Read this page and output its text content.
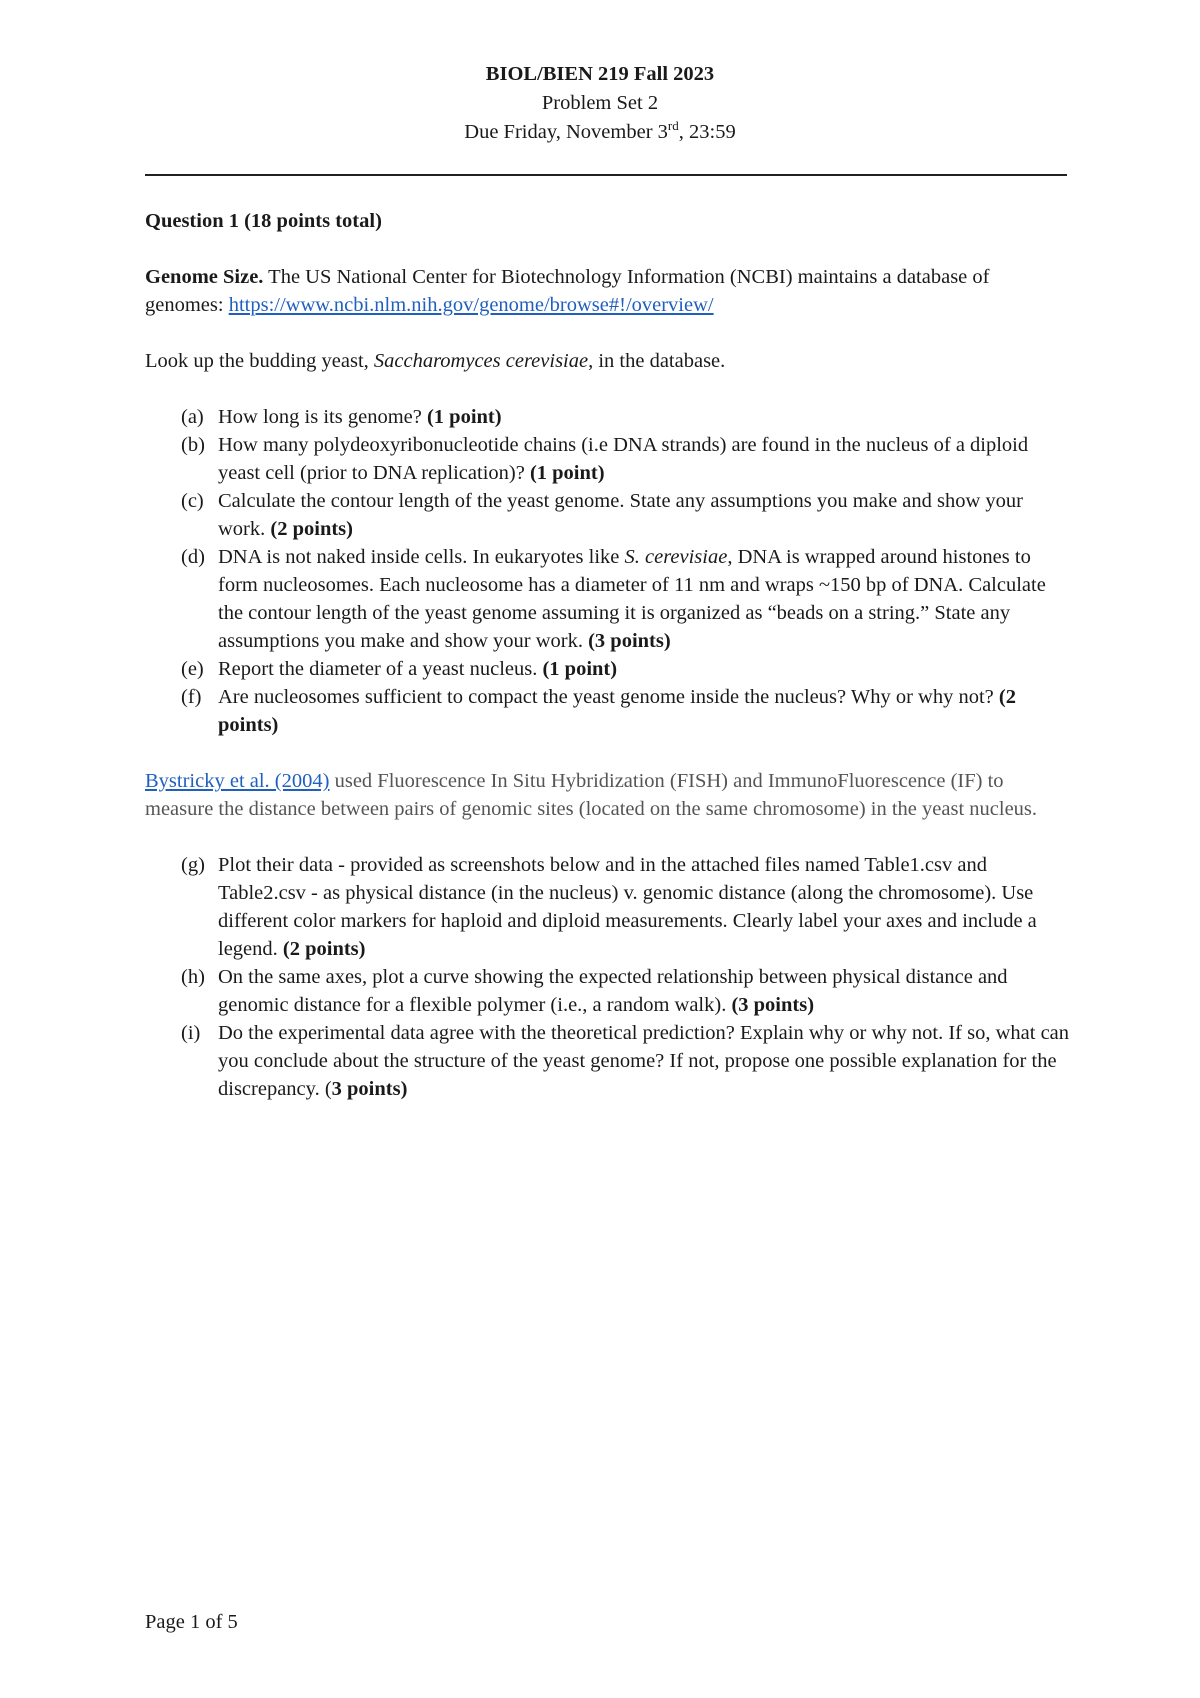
BIOL/BIEN 219 Fall 2023
Problem Set 2
Due Friday, November 3rd, 23:59

Question 1 (18 points total)

Genome Size. The US National Center for Biotechnology Information (NCBI) maintains a database of genomes: https://www.ncbi.nlm.nih.gov/genome/browse#!/overview/

Look up the budding yeast, Saccharomyces cerevisiae, in the database.

(a) How long is its genome? (1 point)
(b) How many polydeoxyribonucleotide chains (i.e DNA strands) are found in the nucleus of a diploid yeast cell (prior to DNA replication)? (1 point)
(c) Calculate the contour length of the yeast genome. State any assumptions you make and show your work. (2 points)
(d) DNA is not naked inside cells. In eukaryotes like S. cerevisiae, DNA is wrapped around histones to form nucleosomes. Each nucleosome has a diameter of 11 nm and wraps ~150 bp of DNA. Calculate the contour length of the yeast genome assuming it is organized as “beads on a string.” State any assumptions you make and show your work. (3 points)
(e) Report the diameter of a yeast nucleus. (1 point)
(f) Are nucleosomes sufficient to compact the yeast genome inside the nucleus? Why or why not? (2 points)

Bystricky et al. (2004) used Fluorescence In Situ Hybridization (FISH) and ImmunoFluorescence (IF) to measure the distance between pairs of genomic sites (located on the same chromosome) in the yeast nucleus.

(g) Plot their data - provided as screenshots below and in the attached files named Table1.csv and Table2.csv - as physical distance (in the nucleus) v. genomic distance (along the chromosome). Use different color markers for haploid and diploid measurements. Clearly label your axes and include a legend. (2 points)
(h) On the same axes, plot a curve showing the expected relationship between physical distance and genomic distance for a flexible polymer (i.e., a random walk). (3 points)
(i) Do the experimental data agree with the theoretical prediction? Explain why or why not. If so, what can you conclude about the structure of the yeast genome? If not, propose one possible explanation for the discrepancy. (3 points)
Page 1 of 5
